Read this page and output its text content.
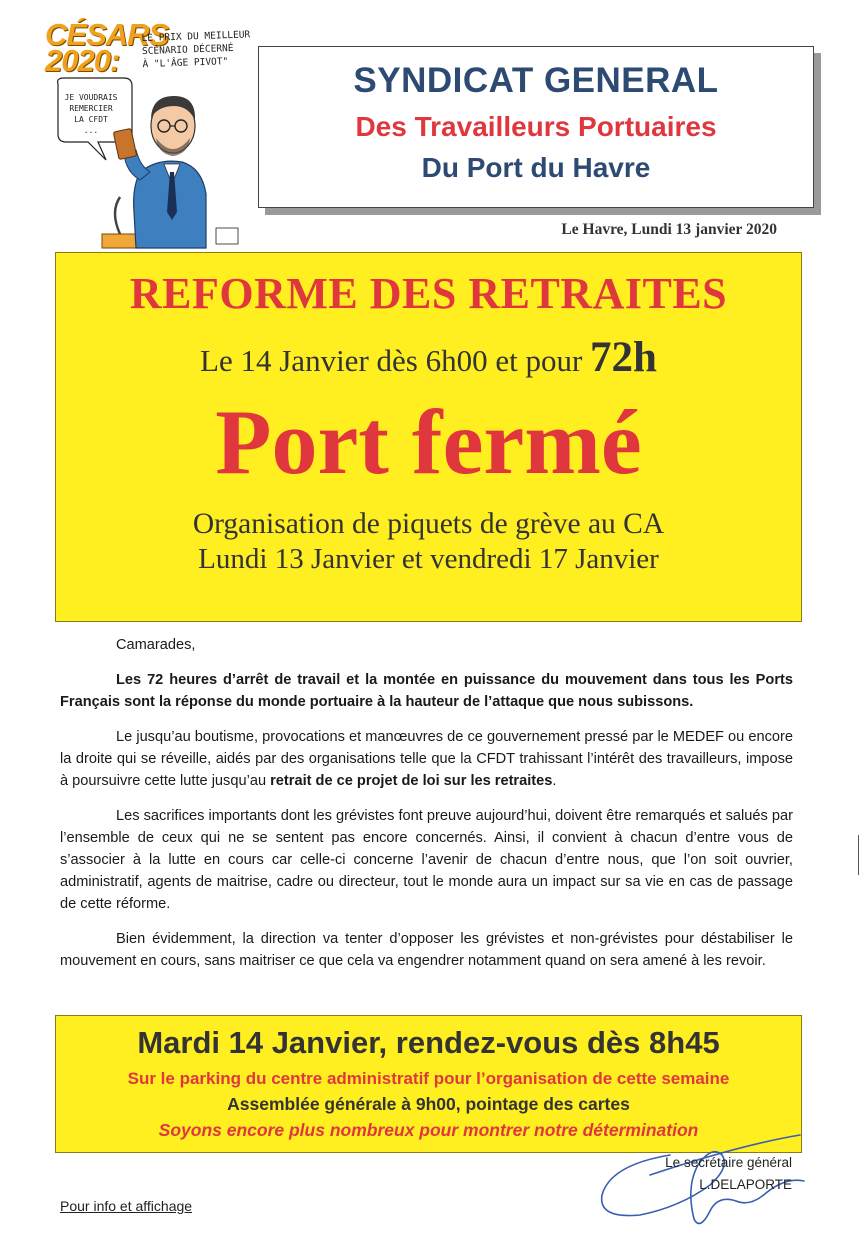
CÉSARS
2020:
LE PRIX DU MEILLEUR
SCÉNARIO DÉCERNÉ
À "L'ÂGE PIVOT"
JE VOUDRAIS
REMERCIER
LA CFDT
...
SYNDICAT GENERAL
Des Travailleurs Portuaires
Du Port du Havre
Le Havre, Lundi 13 janvier 2020
REFORME DES RETRAITES
Le 14 Janvier dès 6h00 et pour 72h
Port fermé
Organisation de piquets de grève au CA
Lundi 13 Janvier et vendredi 17 Janvier
Camarades,

Les 72 heures d’arrêt de travail et la montée en puissance du mouvement dans tous les Ports Français sont la réponse du monde portuaire à la hauteur de l’attaque que nous subissons.

Le jusqu’au boutisme, provocations et manœuvres de ce gouvernement pressé par le MEDEF ou encore la droite qui se réveille, aidés par des organisations telle que la CFDT trahissant l’intérêt des travailleurs, impose à poursuivre cette lutte jusqu’au retrait de ce projet de loi sur les retraites.

Les sacrifices importants dont les grévistes font preuve aujourd’hui, doivent être remarqués et salués par l’ensemble de ceux qui ne se sentent pas encore concernés. Ainsi, il convient à chacun d’entre vous de s’associer à la lutte en cours car celle-ci concerne l’avenir de chacun d’entre nous, que l’on soit ouvrier, administratif, agents de maitrise, cadre ou directeur, tout le monde aura un impact sur sa vie en cas de passage de cette réforme.

Bien évidemment, la direction va tenter d’opposer les grévistes et non-grévistes pour déstabiliser le mouvement en cours, sans maitriser ce que cela va engendrer notamment quand on sera amené à les revoir.

Mardi 14 Janvier, rendez-vous dès 8h45
Sur le parking du centre administratif pour l’organisation de cette semaine
Assemblée générale à 9h00, pointage des cartes
Soyons encore plus nombreux pour montrer notre détermination
Le secrétaire général
L.DELAPORTE
Pour info et affichage
